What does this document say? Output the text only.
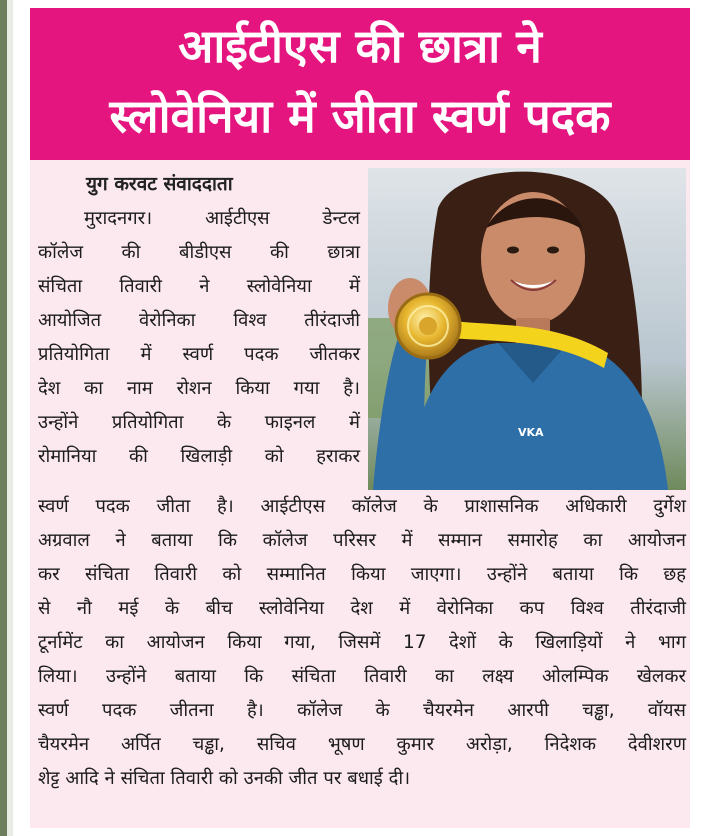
आईटीएस की छात्रा ने
स्लोवेनिया में जीता स्वर्ण पदक
युग करवट संवाददाता
VKA
मुरादनगर। आईटीएस डेन्टल
कॉलेज की बीडीएस की छात्रा
संचिता तिवारी ने स्लोवेनिया में
आयोजित वेरोनिका विश्व तीरंदाजी
प्रतियोगिता में स्वर्ण पदक जीतकर
देश का नाम रोशन किया गया है।
उन्होंने प्रतियोगिता के फाइनल में
रोमानिया की खिलाड़ी को हराकर
स्वर्ण पदक जीता है। आईटीएस कॉलेज के प्राशासनिक अधिकारी दुर्गेश
अग्रवाल ने बताया कि कॉलेज परिसर में सम्मान समारोह का आयोजन
कर संचिता तिवारी को सम्मानित किया जाएगा। उन्होंने बताया कि छह
से नौ मई के बीच स्लोवेनिया देश में वेरोनिका कप विश्व तीरंदाजी
टूर्नामेंट का आयोजन किया गया, जिसमें 17 देशों के खिलाड़ियों ने भाग
लिया। उन्होंने बताया कि संचिता तिवारी का लक्ष्य ओलम्पिक खेलकर
स्वर्ण पदक जीतना है। कॉलेज के चैयरमेन आरपी चड्ढा, वॉयस
चैयरमेन अर्पित चड्ढा, सचिव भूषण कुमार अरोड़ा, निदेशक देवीशरण
शेट्ट आदि ने संचिता तिवारी को उनकी जीत पर बधाई दी।
